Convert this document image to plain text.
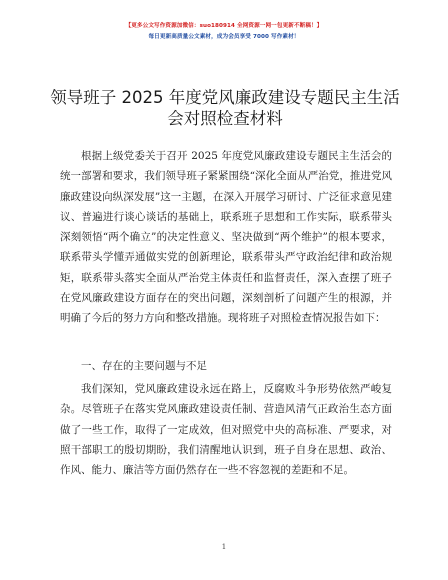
【更多公文写作资源加微信：suo180914 全网资源一网一包更新不断稿！】
每日更新高质量公文素材，成为会员享受 7000 写作素材！
领导班子 2025 年度党风廉政建设专题民主生活
会对照检查材料

根据上级党委关于召开 2025 年度党风廉政建设专题民主生活会的统一部署和要求，我们领导班子紧紧围绕“深化全面从严治党，推进党风廉政建设向纵深发展”这一主题，在深入开展学习研讨、广泛征求意见建议、普遍进行谈心谈话的基础上，联系班子思想和工作实际，联系带头深刻领悟“两个确立”的决定性意义、坚决做到“两个维护”的根本要求，联系带头学懂弄通做实党的创新理论，联系带头严守政治纪律和政治规矩，联系带头落实全面从严治党主体责任和监督责任，深入查摆了班子在党风廉政建设方面存在的突出问题，深刻剖析了问题产生的根源，并明确了今后的努力方向和整改措施。现将班子对照检查情况报告如下：

一、存在的主要问题与不足

我们深知，党风廉政建设永远在路上，反腐败斗争形势依然严峻复杂。尽管班子在落实党风廉政建设责任制、营造风清气正政治生态方面做了一些工作，取得了一定成效，但对照党中央的高标准、严要求，对照干部职工的殷切期盼，我们清醒地认识到，班子自身在思想、政治、作风、能力、廉洁等方面仍然存在一些不容忽视的差距和不足。

1
